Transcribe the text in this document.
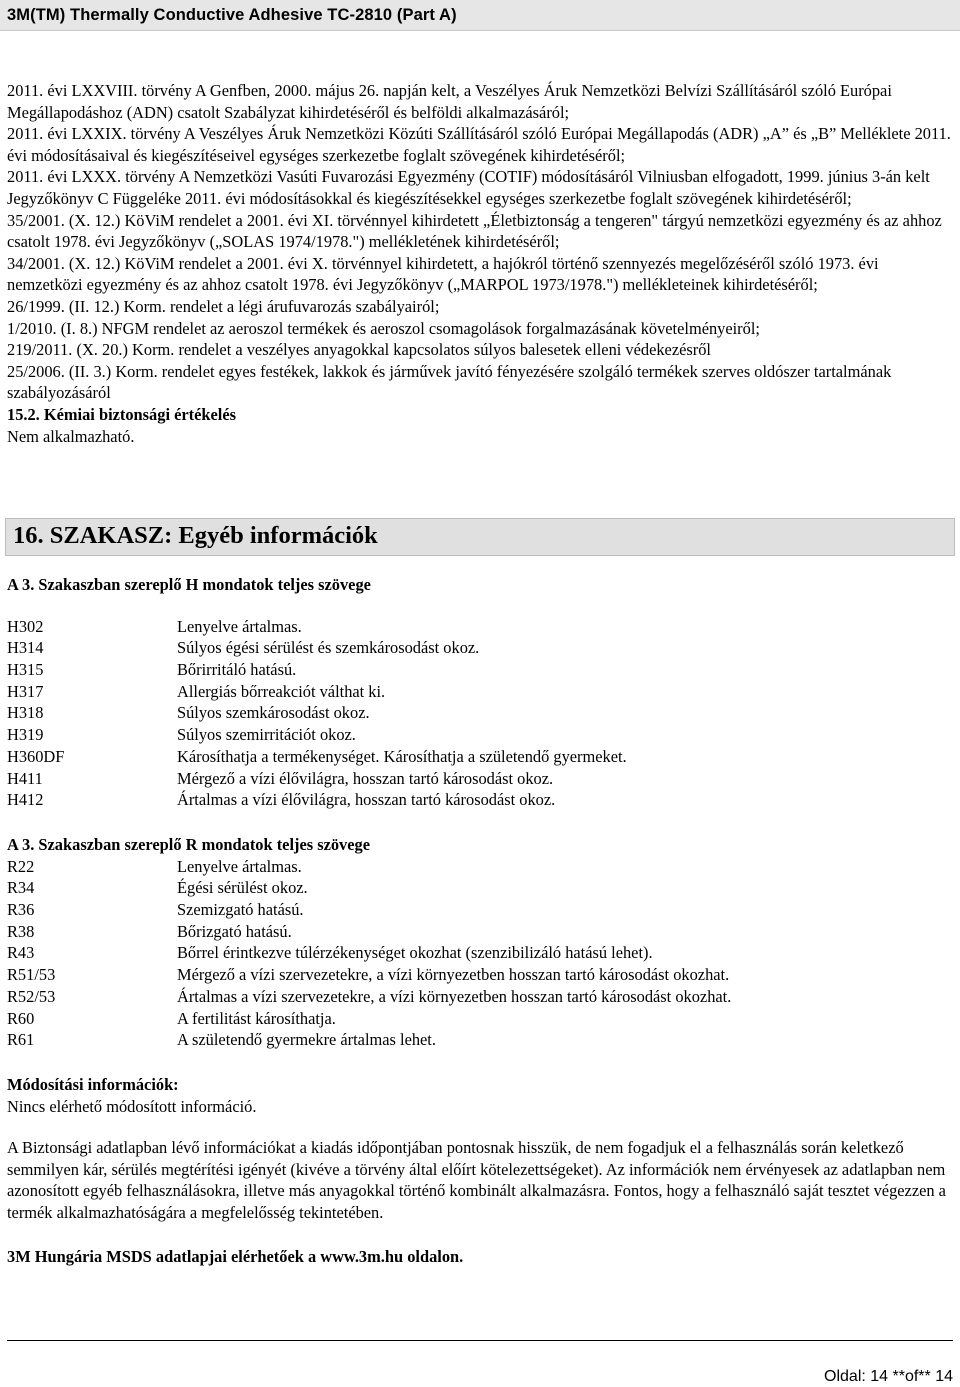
3M(TM) Thermally Conductive Adhesive TC-2810 (Part A)

2011. évi LXXVIII. törvény A Genfben, 2000. május 26. napján kelt, a Veszélyes Áruk Nemzetközi Belvízi Szállításáról szóló Európai Megállapodáshoz (ADN) csatolt Szabályzat kihirdetéséről és belföldi alkalmazásáról;

2011. évi LXXIX. törvény A Veszélyes Áruk Nemzetközi Közúti Szállításáról szóló Európai Megállapodás (ADR) „A” és „B” Melléklete 2011. évi módosításaival és kiegészítéseivel egységes szerkezetbe foglalt szövegének kihirdetéséről;

2011. évi LXXX. törvény A Nemzetközi Vasúti Fuvarozási Egyezmény (COTIF) módosításáról Vilniusban elfogadott, 1999. június 3-án kelt Jegyzőkönyv C Függeléke 2011. évi módosításokkal és kiegészítésekkel egységes szerkezetbe foglalt szövegének kihirdetéséről;

35/2001. (X. 12.) KöViM rendelet a 2001. évi XI. törvénnyel kihirdetett „Életbiztonság a tengeren" tárgyú nemzetközi egyezmény és az ahhoz csatolt 1978. évi Jegyzőkönyv („SOLAS 1974/1978.") mellékletének kihirdetéséről;

34/2001. (X. 12.) KöViM rendelet a 2001. évi X. törvénnyel kihirdetett, a hajókról történő szennyezés megelőzéséről szóló 1973. évi nemzetközi egyezmény és az ahhoz csatolt 1978. évi Jegyzőkönyv („MARPOL 1973/1978.") mellékleteinek kihirdetéséről;

26/1999. (II. 12.) Korm. rendelet a légi árufuvarozás szabályairól;

1/2010. (I. 8.) NFGM rendelet az aeroszol termékek és aeroszol csomagolások forgalmazásának követelményeiről;

219/2011. (X. 20.) Korm. rendelet a veszélyes anyagokkal kapcsolatos súlyos balesetek elleni védekezésről

25/2006. (II. 3.) Korm. rendelet egyes festékek, lakkok és járművek javító fényezésére szolgáló termékek szerves oldószer tartalmának szabályozásáról

15.2. Kémiai biztonsági értékelés

Nem alkalmazható.

16. SZAKASZ: Egyéb információk
A 3. Szakaszban szereplő H mondatok teljes szövege
H302	Lenyelve ártalmas.
H314	Súlyos égési sérülést és szemkárosodást okoz.
H315	Bőrirritáló hatású.
H317	Allergiás bőrreakciót válthat ki.
H318	Súlyos szemkárosodást okoz.
H319	Súlyos szemirritációt okoz.
H360DF	Károsíthatja a termékenységet. Károsíthatja a születendő gyermeket.
H411	Mérgező a vízi élővilágra, hosszan tartó károsodást okoz.
H412	Ártalmas a vízi élővilágra, hosszan tartó károsodást okoz.
A 3. Szakaszban szereplő R mondatok teljes szövege
R22	Lenyelve ártalmas.
R34	Égési sérülést okoz.
R36	Szemizgató hatású.
R38	Bőrizgató hatású.
R43	Bőrrel érintkezve túlérzékenységet okozhat (szenzibilizáló hatású lehet).
R51/53	Mérgező a vízi szervezetekre, a vízi környezetben hosszan tartó károsodást okozhat.
R52/53	Ártalmas a vízi szervezetekre, a vízi környezetben hosszan tartó károsodást okozhat.
R60	A fertilitást károsíthatja.
R61	A születendő gyermekre ártalmas lehet.
Módosítási információk:

Nincs elérhető módosított információ.

A Biztonsági adatlapban lévő információkat a kiadás időpontjában pontosnak hisszük, de nem fogadjuk el a felhasználás során keletkező semmilyen kár, sérülés megtérítési igényét (kivéve a törvény által előírt kötelezettségeket). Az információk nem érvényesek az adatlapban nem azonosított egyéb felhasználásokra, illetve más anyagokkal történő kombinált alkalmazásra. Fontos, hogy a felhasználó saját tesztet végezzen a termék alkalmazhatóságára a megfelelősség tekintetében.

3M Hungária MSDS adatlapjai elérhetőek a www.3m.hu oldalon.

Oldal: 14 **of** 14
